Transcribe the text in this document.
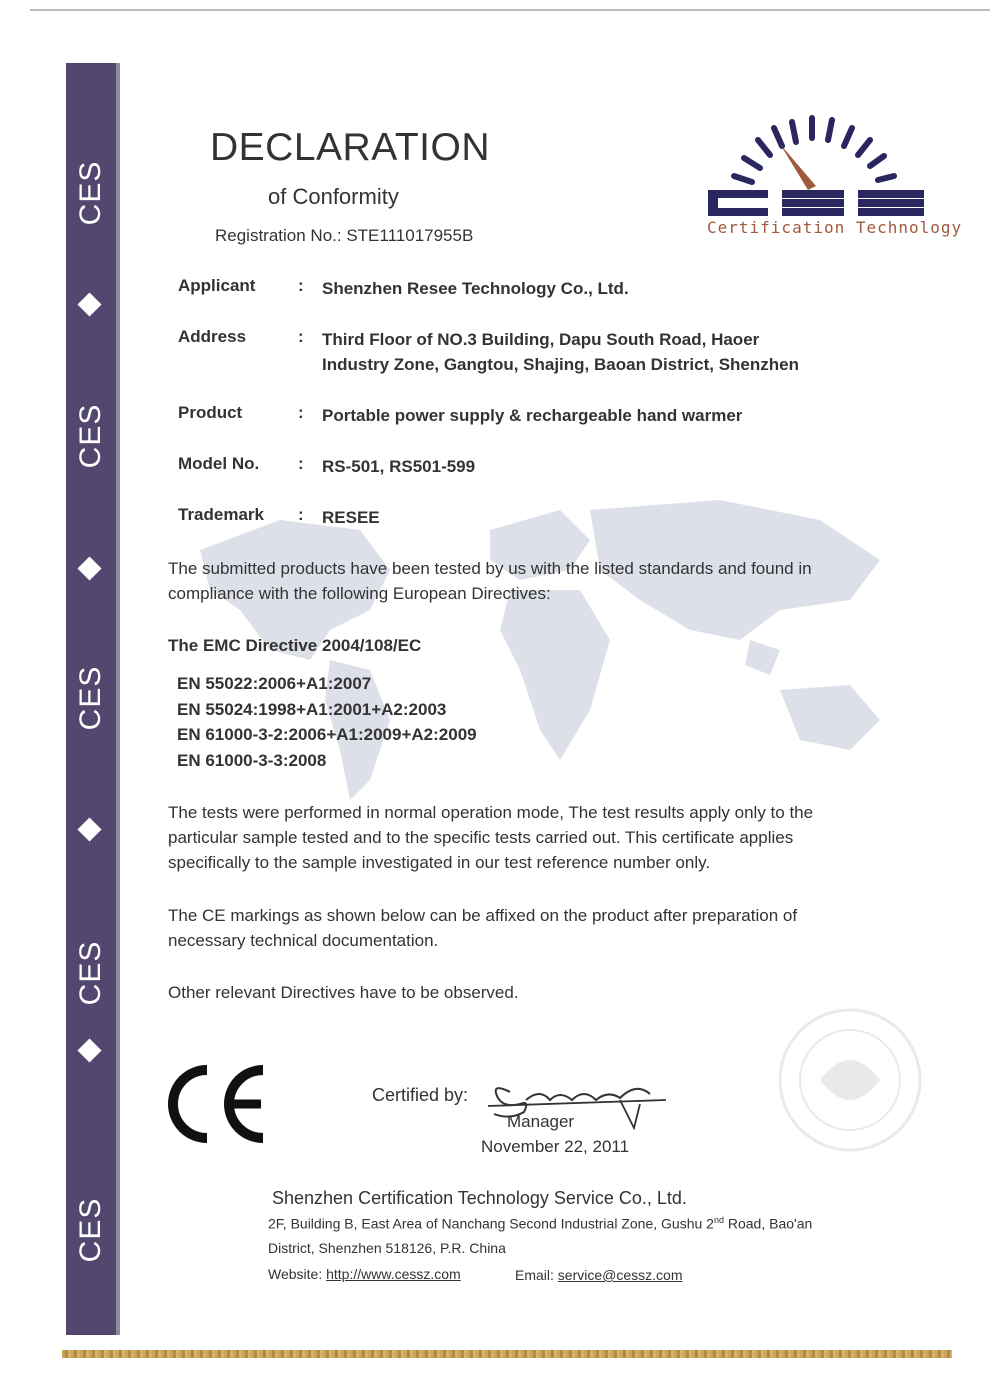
CES
CES
CES
CES
CES
DECLARATION
of Conformity
Registration No.: STE111017955B	Certification Technology
Applicant	: Shenzhen Resee Technology Co., Ltd.
Address	: Third Floor of NO.3 Building, Dapu South Road, Haoer
Industry Zone, Gangtou, Shajing, Baoan District, Shenzhen
Product	: Portable power supply & rechargeable hand warmer
Model No.	: RS-501, RS501-599
Trademark	: RESEE
The submitted products have been tested by us with the listed standards and found in
compliance with the following European Directives:
The EMC Directive 2004/108/EC
EN 55022:2006+A1:2007
EN 55024:1998+A1:2001+A2:2003
EN 61000-3-2:2006+A1:2009+A2:2009
EN 61000-3-3:2008
The tests were performed in normal operation mode, The test results apply only to the
particular sample tested and to the specific tests carried out. This certificate applies
specifically to the sample investigated in our test reference number only.
The CE markings as shown below can be affixed on the product after preparation of
necessary technical documentation.
Other relevant Directives have to be observed.
Certified by:
Manager
November 22, 2011
Shenzhen Certification Technology Service Co., Ltd.
2F, Building B, East Area of Nanchang Second Industrial Zone, Gushu 2nd Road, Bao'an
District, Shenzhen 518126, P.R. China
Website: http://www.cessz.com	Email: service@cessz.com
